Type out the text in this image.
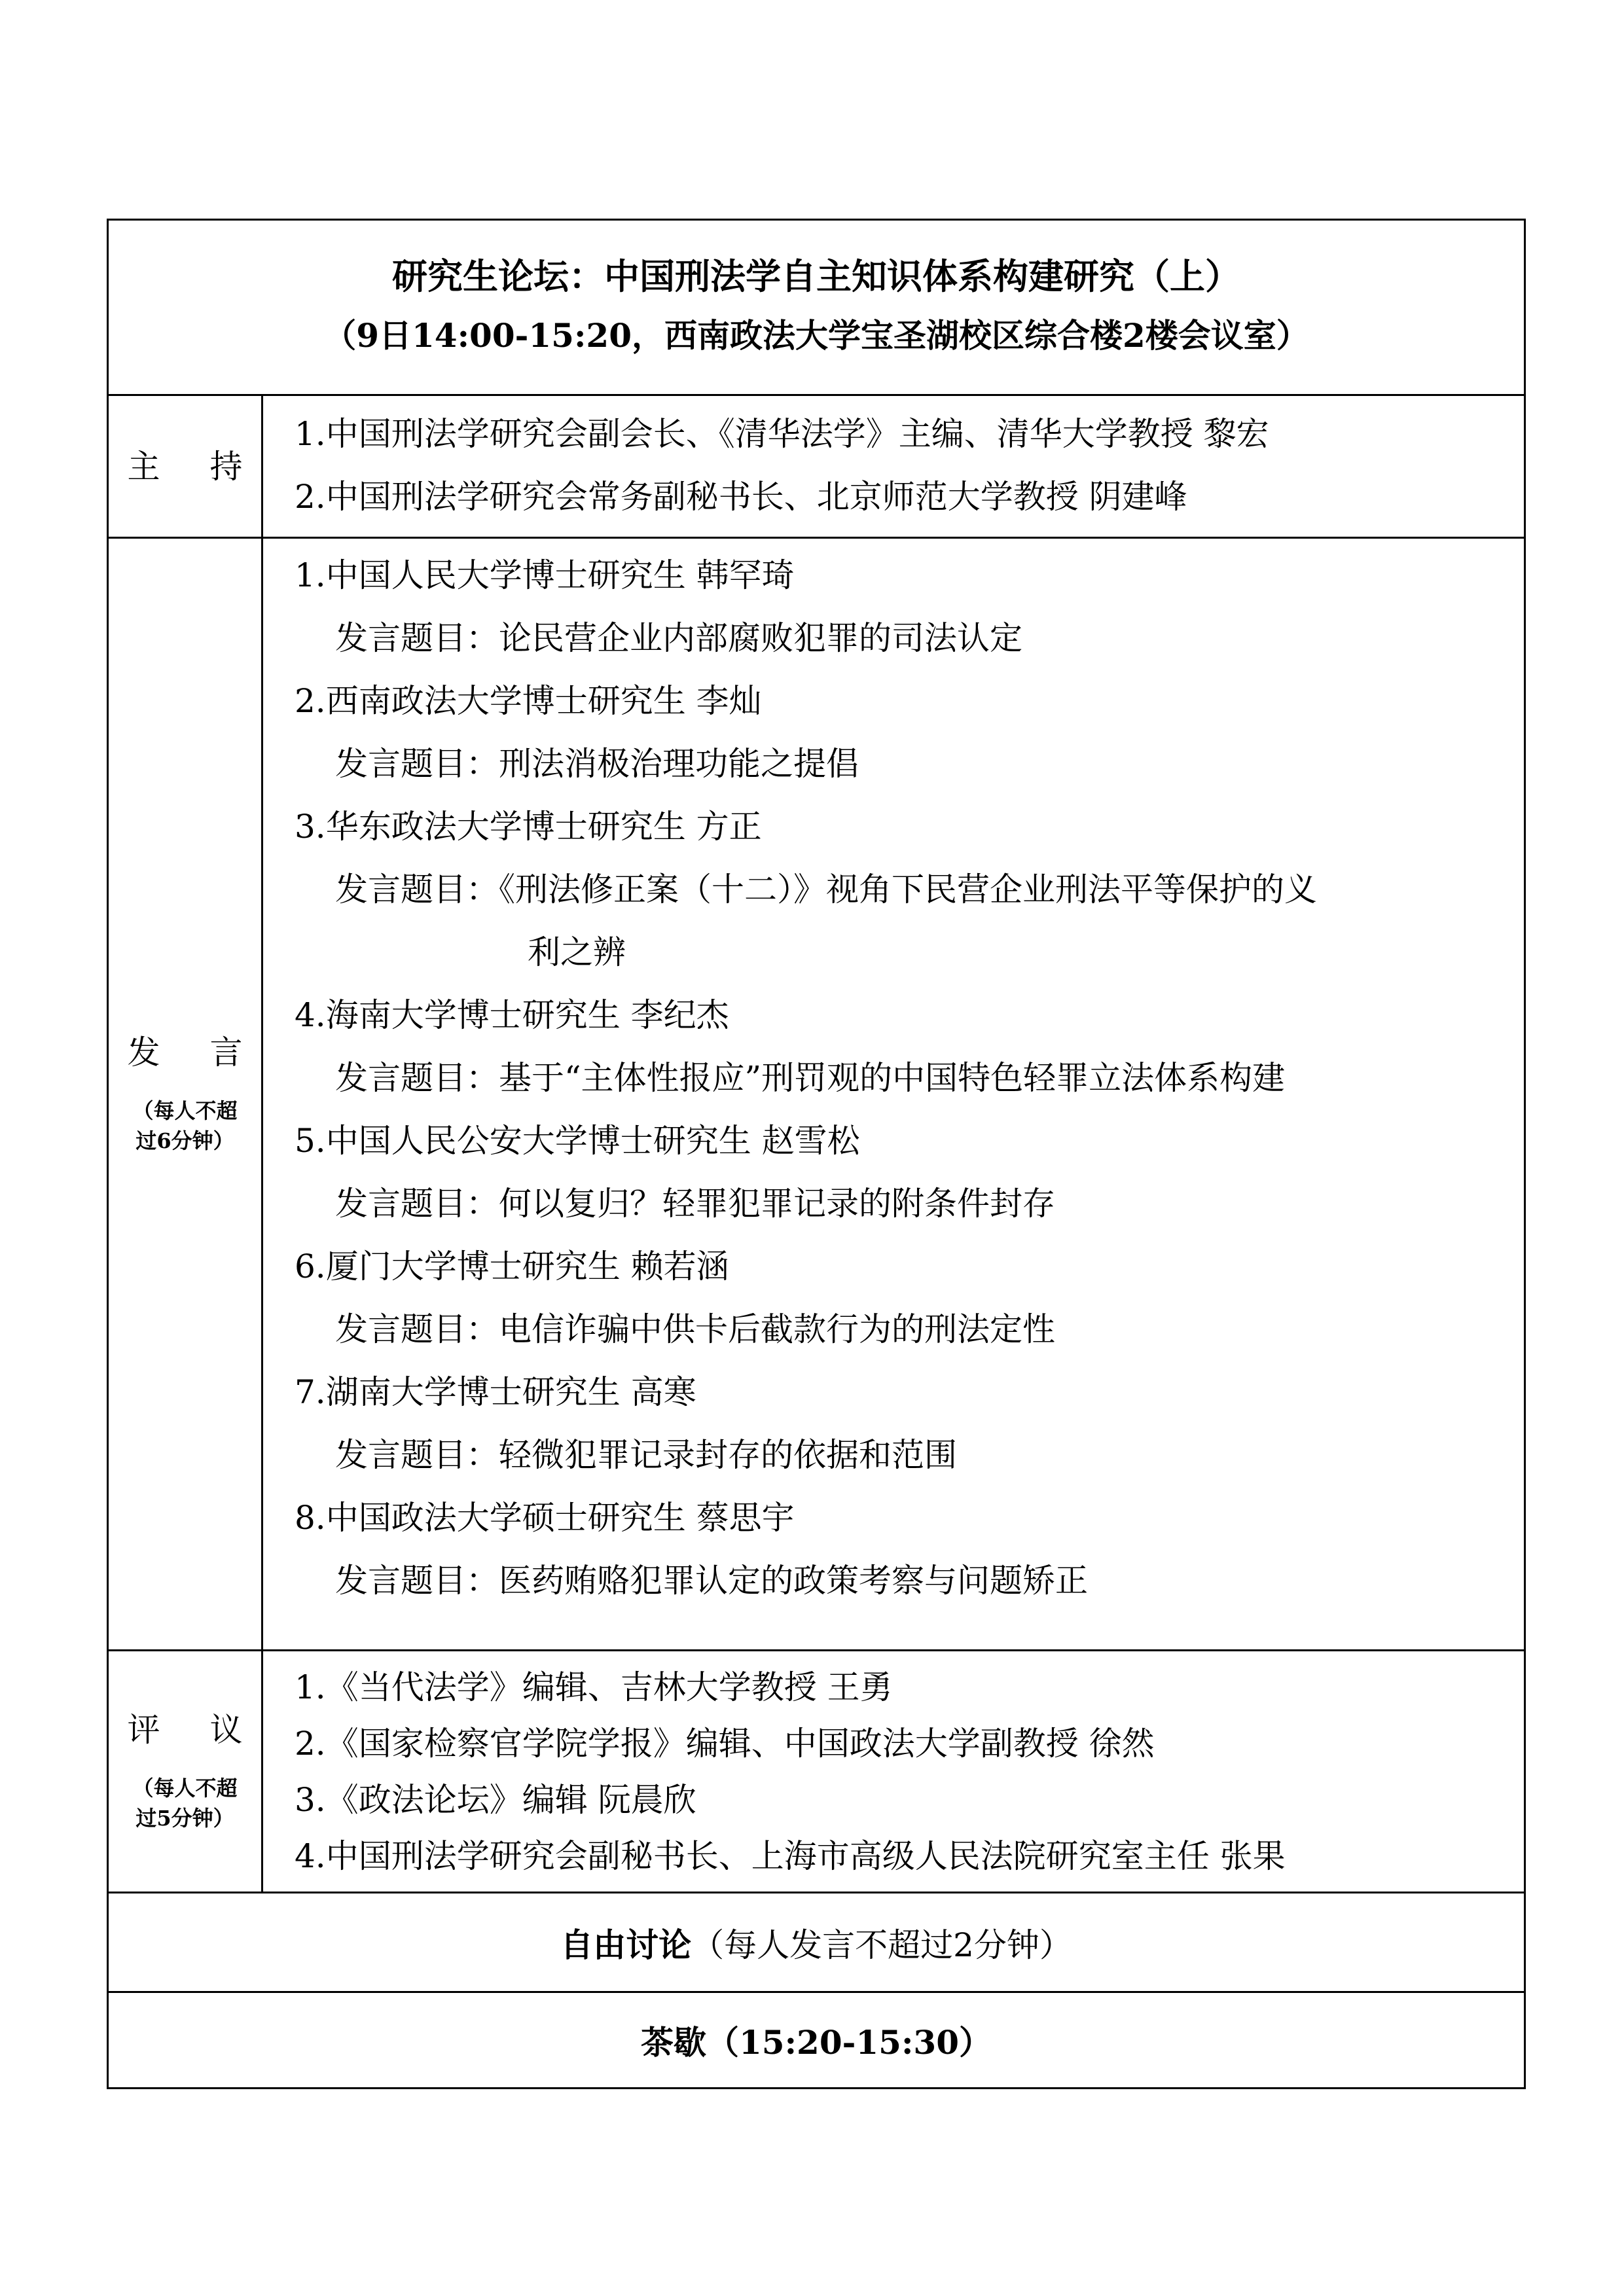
研究生论坛：中国刑法学自主知识体系构建研究（上）
（9日14:00-15:20，西南政法大学宝圣湖校区综合楼2楼会议室）
主 持
1.中国刑法学研究会副会长、《清华法学》主编、清华大学教授 黎宏
2.中国刑法学研究会常务副秘书长、北京师范大学教授 阴建峰
发 言
（每人不超过6分钟）
1.中国人民大学博士研究生 韩罕琦
发言题目：论民营企业内部腐败犯罪的司法认定
2.西南政法大学博士研究生 李灿
发言题目：刑法消极治理功能之提倡
3.华东政法大学博士研究生 方正
发言题目：《刑法修正案（十二）》视角下民营企业刑法平等保护的义
利之辨
4.海南大学博士研究生 李纪杰
发言题目：基于“主体性报应”刑罚观的中国特色轻罪立法体系构建
5.中国人民公安大学博士研究生 赵雪松
发言题目：何以复归？轻罪犯罪记录的附条件封存
6.厦门大学博士研究生 赖若涵
发言题目：电信诈骗中供卡后截款行为的刑法定性
7.湖南大学博士研究生 高寒
发言题目：轻微犯罪记录封存的依据和范围
8.中国政法大学硕士研究生 蔡思宇
发言题目：医药贿赂犯罪认定的政策考察与问题矫正
评 议
（每人不超过5分钟）
1.《当代法学》编辑、吉林大学教授 王勇
2.《国家检察官学院学报》编辑、中国政法大学副教授 徐然
3.《政法论坛》编辑 阮晨欣
4.中国刑法学研究会副秘书长、上海市高级人民法院研究室主任 张果
自由讨论 （每人发言不超过2分钟）
茶歇 （15:20-15:30）
